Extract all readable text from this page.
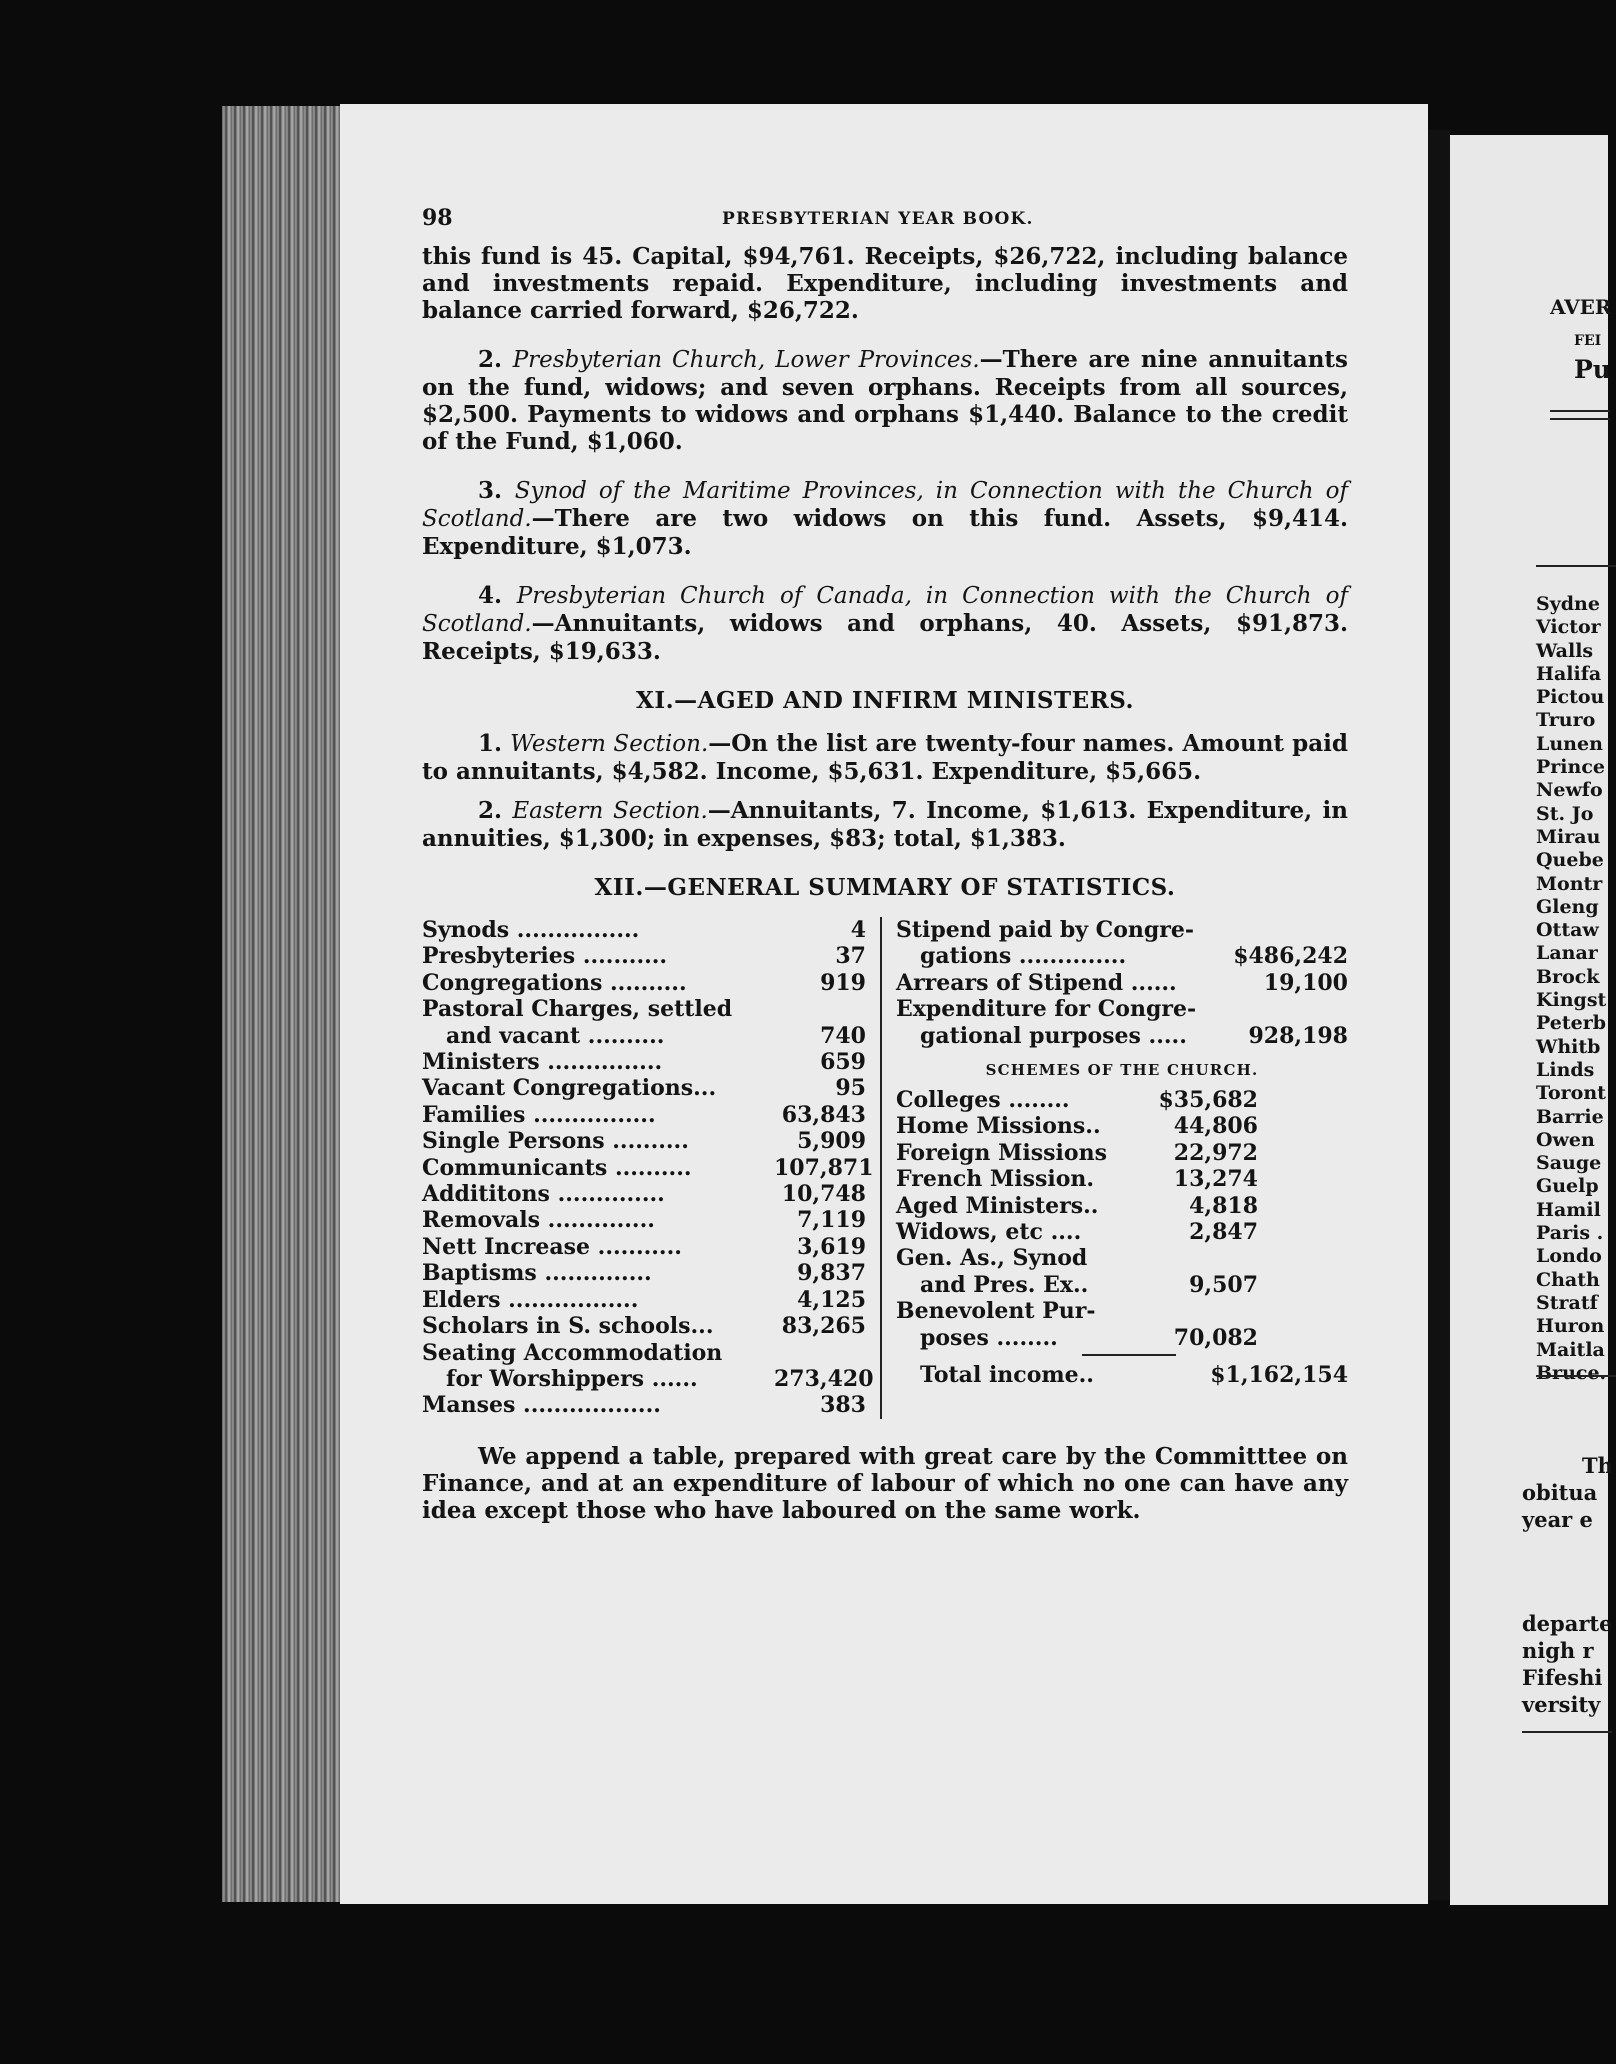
AVER
FEI
Pu
Sydne
Victor
Walls
Halifa
Pictou
Truro
Lunen
Prince
Newfo
St. Jo
Mirau
Quebe
Montr
Gleng
Ottaw
Lanar
Brock
Kingst
Peterb
Whitb
Linds
Toront
Barrie
Owen
Sauge
Guelp
Hamil
Paris .
Londo
Chath
Stratf
Huron
Maitla
Bruce.
Th
obitua
year e
departe
nigh r
Fifeshi
versity
98	PRESBYTERIAN YEAR BOOK.

this fund is 45. Capital, $94,761. Receipts, $26,722, including balance and investments repaid. Expenditure, including investments and balance carried forward, $26,722.

2. Presbyterian Church, Lower Provinces.—There are nine annuitants on the fund, widows; and seven orphans. Receipts from all sources, $2,500. Payments to widows and orphans $1,440. Balance to the credit of the Fund, $1,060.

3. Synod of the Maritime Provinces, in Connection with the Church of Scotland.—There are two widows on this fund. Assets, $9,414. Expenditure, $1,073.

4. Presbyterian Church of Canada, in Connection with the Church of Scotland.—Annuitants, widows and orphans, 40. Assets, $91,873. Receipts, $19,633.

XI.—AGED AND INFIRM MINISTERS.

1. Western Section.—On the list are twenty-four names. Amount paid to annuitants, $4,582. Income, $5,631. Expenditure, $5,665.

2. Eastern Section.—Annuitants, 7. Income, $1,613. Expenditure, in annuities, $1,300; in expenses, $83; total, $1,383.

XII.—GENERAL SUMMARY OF STATISTICS.
Synods ................	4
Presbyteries ...........	37
Congregations ..........	919
Pastoral Charges, settled
and vacant ..........	740
Ministers ...............	659
Vacant Congregations...	95
Families ................	63,843
Single Persons ..........	5,909
Communicants ..........	107,871
Addititons ..............	10,748
Removals ..............	7,119
Nett Increase ...........	3,619
Baptisms ..............	9,837
Elders .................	4,125
Scholars in S. schools...	83,265
Seating Accommodation
for Worshippers ......	273,420
Manses ..................	383
Stipend paid by Congre-
gations ..............	$486,242
Arrears of Stipend ......	19,100
Expenditure for Congre-
gational purposes .....	928,198
SCHEMES OF THE CHURCH.
Colleges ........	$35,682
Home Missions..	44,806
Foreign Missions	22,972
French Mission.	13,274
Aged Ministers..	4,818
Widows, etc ....	2,847
Gen. As., Synod
and Pres. Ex..	9,507
Benevolent Pur-
poses ........	70,082
Total income..	$1,162,154

We append a table, prepared with great care by the Committtee on Finance, and at an expenditure of labour of which no one can have any idea except those who have laboured on the same work.
